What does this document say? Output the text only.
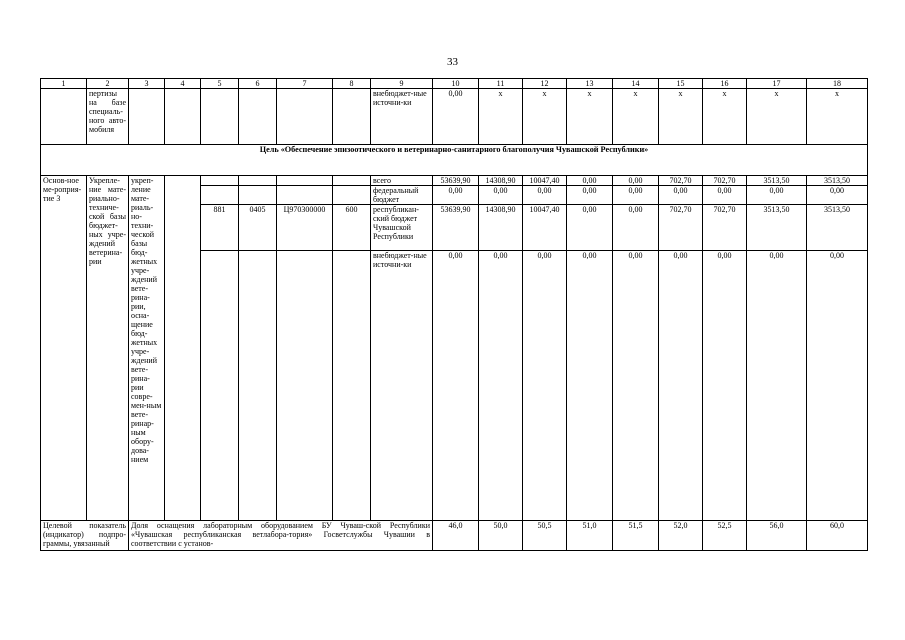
33
1	2	3	4	5	6	7	8	9	10	11	12	13	14	15	16	17	18
	пертизы на базе специаль-ного авто-мобиля							внебюджет-ные источни-ки	0,00	х	х	х	х	х	х	х	х
Цель «Обеспечение эпизоотического и ветеринарно-санитарного благополучия Чувашской Республики»																	
Основ-ное ме-роприя-тие 3	Укрепле-ние мате-риально-техниче-ской базы бюджет-ных учре-ждений ветерина-рии	укреп-ление мате-риаль-но-техни-ческой базы бюд-жетных учре-ждений вете-рина-рии, осна-щение бюд-жетных учре-ждений вете-рина-рии совре-мен-ным вете-ринар-ным обору-дова-нием						всего	53639,90	14308,90	10047,40	0,00	0,00	702,70	702,70	3513,50	3513,50
								федеральный бюджет	0,00	0,00	0,00	0,00	0,00	0,00	0,00	0,00	0,00
				881	0405	Ц970300000	600	республикан-ский бюджет Чувашской Республики	53639,90	14308,90	10047,40	0,00	0,00	702,70	702,70	3513,50	3513,50
								внебюджет-ные источни-ки	0,00	0,00	0,00	0,00	0,00	0,00	0,00	0,00	0,00
Целевой показатель (индикатор) подпро-граммы, увязанный		Доля оснащения лабораторным оборудованием БУ Чуваш-ской Республики «Чувашская республиканская ветлабора-тория» Госветслужбы Чувашии в соответствии с установ-							46,0	50,0	50,5	51,0	51,5	52,0	52,5	56,0	60,0
